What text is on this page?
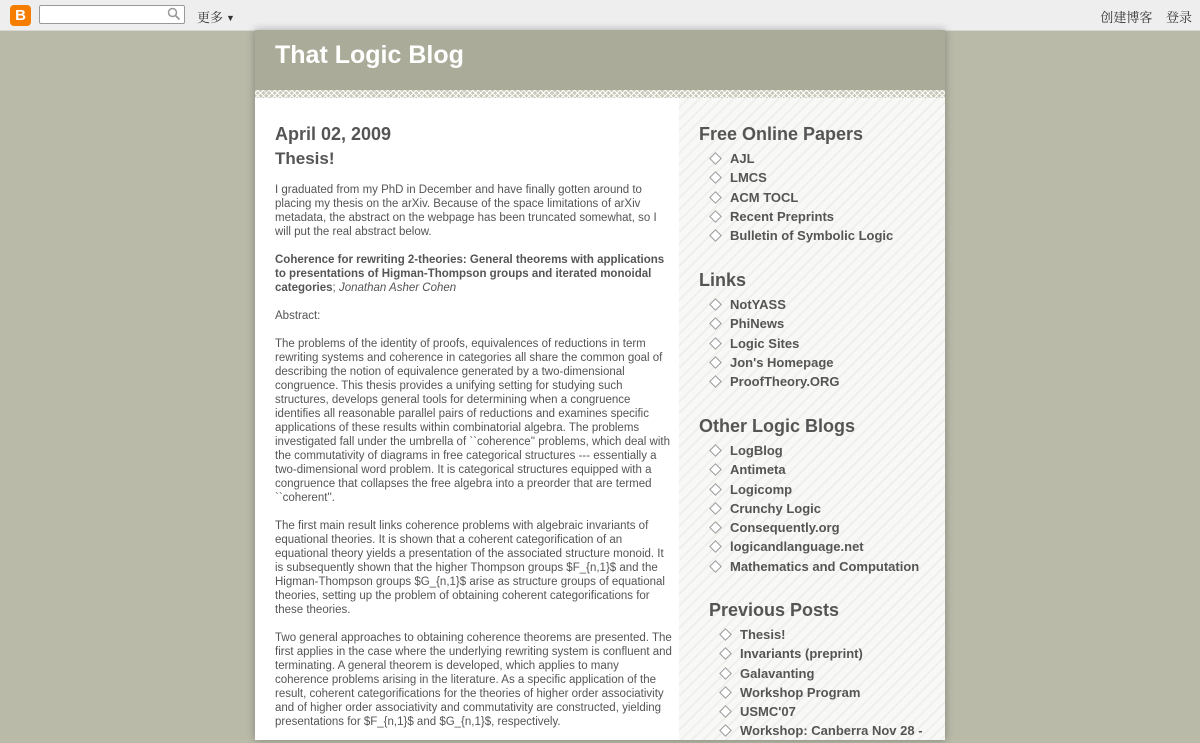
B	更多 ▼	创建博客 登录
That Logic Blog
April 02, 2009
Thesis!

I graduated from my PhD in December and have finally gotten around to placing my thesis on the arXiv. Because of the space limitations of arXiv metadata, the abstract on the webpage has been truncated somewhat, so I will put the real abstract below.

Coherence for rewriting 2-theories: General theorems with applications to presentations of Higman-Thompson groups and iterated monoidal categories; Jonathan Asher Cohen

Abstract:

The problems of the identity of proofs, equivalences of reductions in term rewriting systems and coherence in categories all share the common goal of describing the notion of equivalence generated by a two-dimensional congruence. This thesis provides a unifying setting for studying such structures, develops general tools for determining when a congruence identifies all reasonable parallel pairs of reductions and examines specific applications of these results within combinatorial algebra. The problems investigated fall under the umbrella of ``coherence'' problems, which deal with the commutativity of diagrams in free categorical structures --- essentially a two-dimensional word problem. It is categorical structures equipped with a congruence that collapses the free algebra into a preorder that are termed ``coherent''.

The first main result links coherence problems with algebraic invariants of equational theories. It is shown that a coherent categorification of an equational theory yields a presentation of the associated structure monoid. It is subsequently shown that the higher Thompson groups $F_{n,1}$ and the Higman-Thompson groups $G_{n,1}$ arise as structure groups of equational theories, setting up the problem of obtaining coherent categorifications for these theories.

Two general approaches to obtaining coherence theorems are presented. The first applies in the case where the underlying rewriting system is confluent and terminating. A general theorem is developed, which applies to many coherence problems arising in the literature. As a specific application of the result, coherent categorifications for the theories of higher order associativity and of higher order associativity and commutativity are constructed, yielding presentations for $F_{n,1}$ and $G_{n,1}$, respectively.

Free Online Papers
AJL
LMCS
ACM TOCL
Recent Preprints
Bulletin of Symbolic Logic
Links
NotYASS
PhiNews
Logic Sites
Jon's Homepage
ProofTheory.ORG
Other Logic Blogs
LogBlog
Antimeta
Logicomp
Crunchy Logic
Consequently.org
logicandlanguage.net
Mathematics and Computation
Previous Posts
Thesis!
Invariants (preprint)
Galavanting
Workshop Program
USMC'07
Workshop: Canberra Nov 28 -
